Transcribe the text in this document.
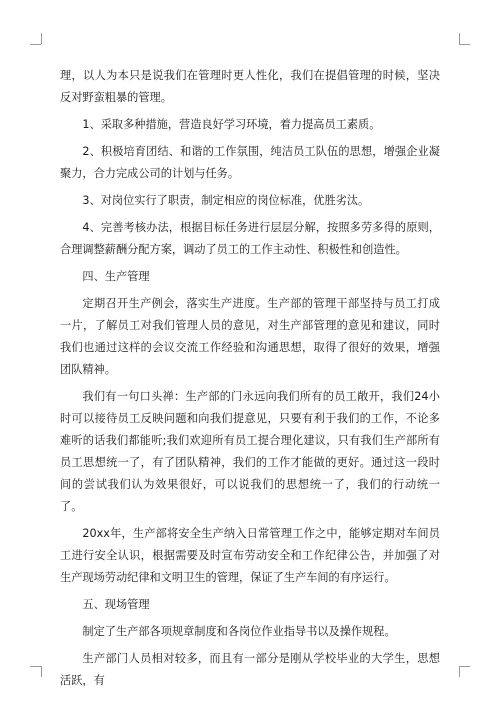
理，以人为本只是说我们在管理时更人性化，我们在提倡管理的时候，坚决反对野蛮粗暴的管理。

1、采取多种措施，营造良好学习环境，着力提高员工素质。

2、积极培育团结、和谐的工作氛围，纯洁员工队伍的思想，增强企业凝聚力，合力完成公司的计划与任务。

3、对岗位实行了职责，制定相应的岗位标准，优胜劣汰。

4、完善考核办法，根据目标任务进行层层分解，按照多劳多得的原则，合理调整薪酬分配方案，调动了员工的工作主动性、积极性和创造性。

四、生产管理

定期召开生产例会，落实生产进度。生产部的管理干部坚持与员工打成一片，了解员工对我们管理人员的意见，对生产部管理的意见和建议，同时我们也通过这样的会议交流工作经验和沟通思想，取得了很好的效果，增强团队精神。

我们有一句口头禅：生产部的门永远向我们所有的员工敞开，我们24小时可以接待员工反映问题和向我们提意见，只要有利于我们的工作，不论多难听的话我们都能听;我们欢迎所有员工提合理化建议，只有我们生产部所有员工思想统一了，有了团队精神，我们的工作才能做的更好。通过这一段时间的尝试我们认为效果很好，可以说我们的思想统一了，我们的行动统一了。

20xx年，生产部将安全生产纳入日常管理工作之中，能够定期对车间员工进行安全认识，根据需要及时宣布劳动安全和工作纪律公告，并加强了对生产现场劳动纪律和文明卫生的管理，保证了生产车间的有序运行。

五、现场管理

制定了生产部各项规章制度和各岗位作业指导书以及操作规程。

生产部门人员相对较多，而且有一部分是刚从学校毕业的大学生，思想活跃，有
